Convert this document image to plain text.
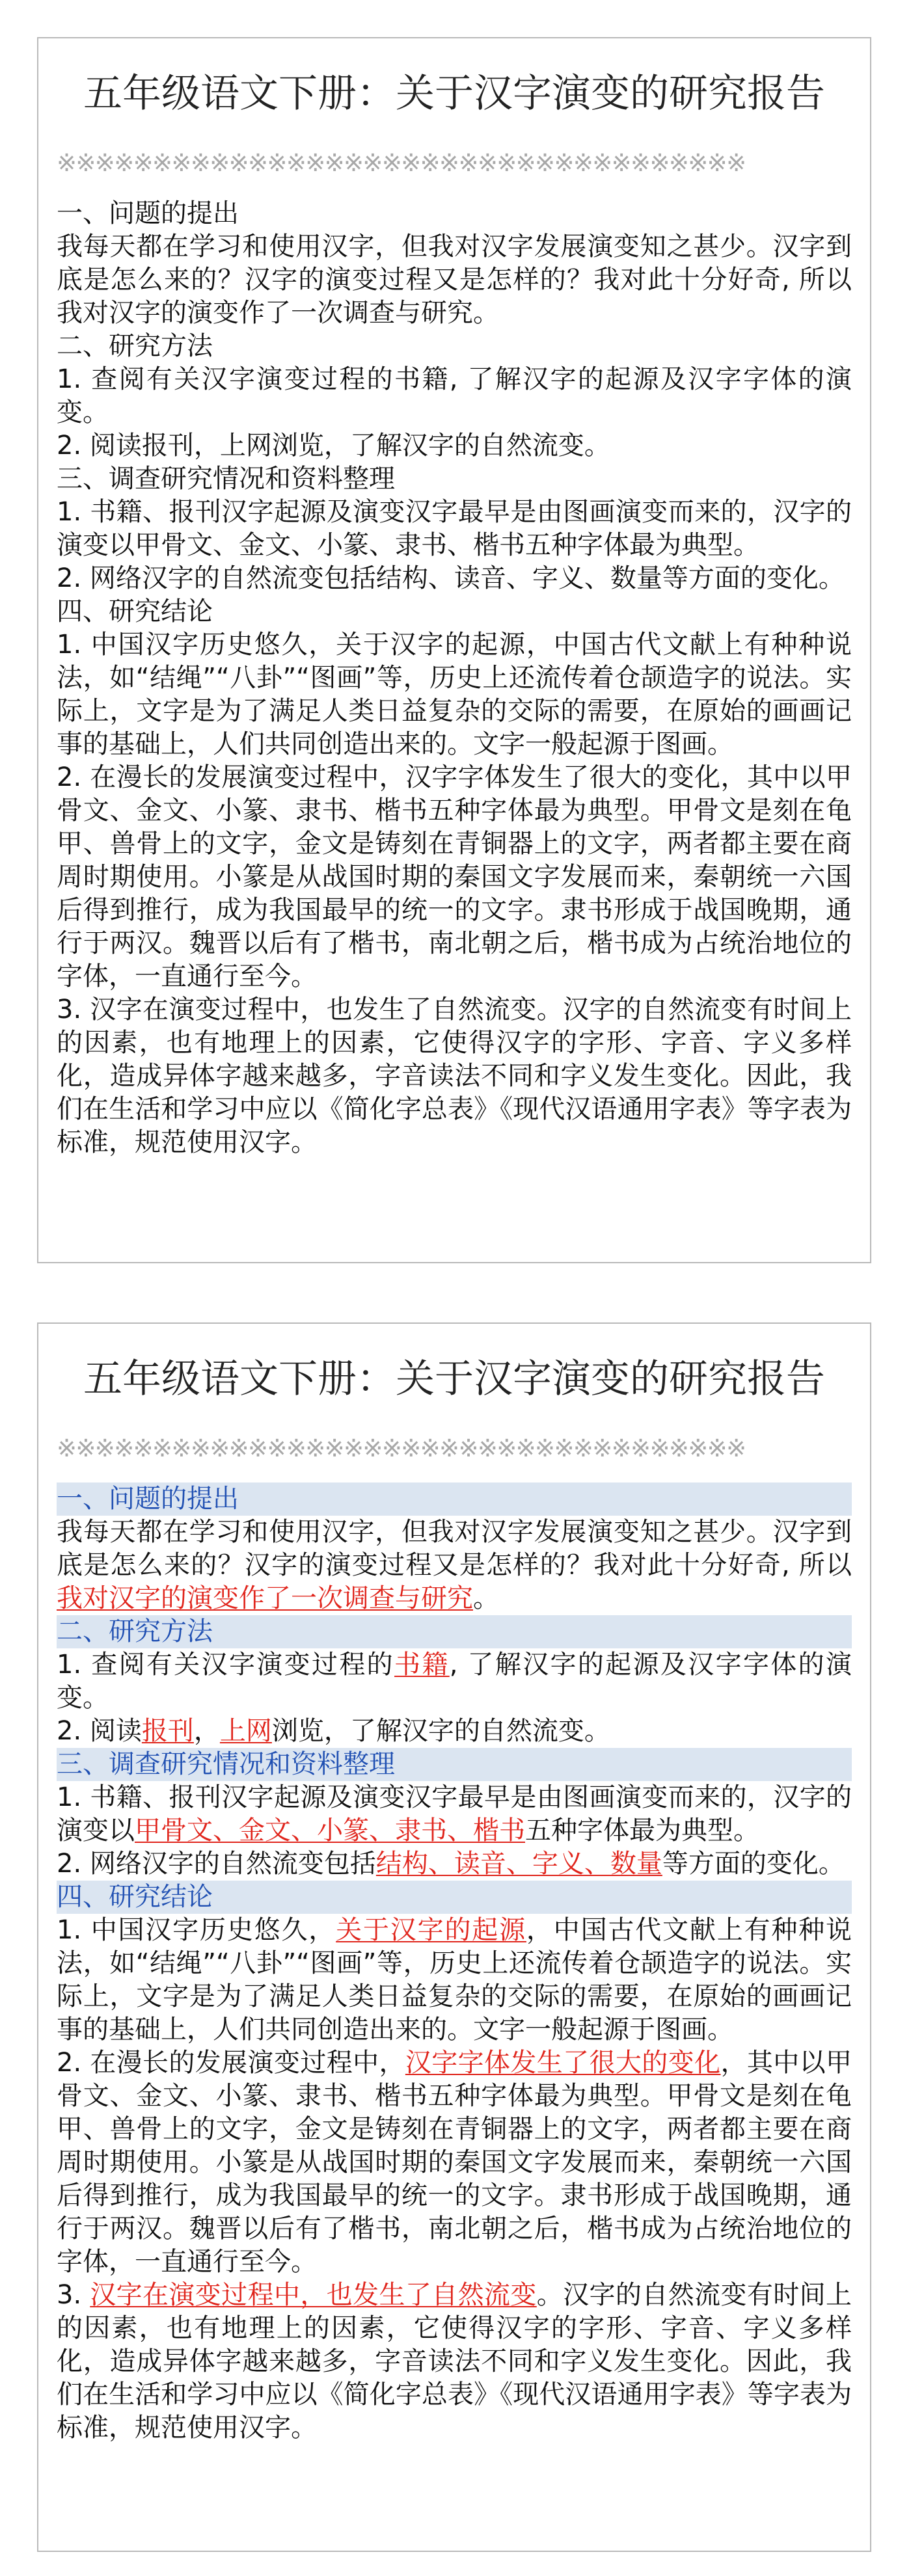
五年级语文下册：关于汉字演变的研究报告
※※※※※※※※※※※※※※※※※※※※※※※※※※※※※※※※※※※※

一、问题的提出

我每天都在学习和使用汉字，但我对汉字发展演变知之甚少。汉字到底是怎么来的？汉字的演变过程又是怎样的？我对此十分好奇, 所以我对汉字的演变作了一次调查与研究。

二、研究方法

1. 查阅有关汉字演变过程的书籍, 了解汉字的起源及汉字字体的演变。

2. 阅读报刊，上网浏览，了解汉字的自然流变。

三、调查研究情况和资料整理

1. 书籍、报刊汉字起源及演变汉字最早是由图画演变而来的，汉字的演变以甲骨文、金文、小篆、隶书、楷书五种字体最为典型。

2. 网络汉字的自然流变包括结构、读音、字义、数量等方面的变化。

四、研究结论

1. 中国汉字历史悠久，关于汉字的起源，中国古代文献上有种种说法，如“结绳”“八卦”“图画”等，历史上还流传着仓颉造字的说法。实际上，文字是为了满足人类日益复杂的交际的需要，在原始的画画记事的基础上，人们共同创造出来的。文字一般起源于图画。

2. 在漫长的发展演变过程中，汉字字体发生了很大的变化，其中以甲骨文、金文、小篆、隶书、楷书五种字体最为典型。甲骨文是刻在龟甲、兽骨上的文字，金文是铸刻在青铜器上的文字，两者都主要在商周时期使用。小篆是从战国时期的秦国文字发展而来，秦朝统一六国后得到推行，成为我国最早的统一的文字。隶书形成于战国晚期，通行于两汉。魏晋以后有了楷书，南北朝之后，楷书成为占统治地位的字体，一直通行至今。

3. 汉字在演变过程中，也发生了自然流变。汉字的自然流变有时间上的因素，也有地理上的因素，它使得汉字的字形、字音、字义多样化，造成异体字越来越多，字音读法不同和字义发生变化。因此，我们在生活和学习中应以《简化字总表》《现代汉语通用字表》等字表为标准，规范使用汉字。

五年级语文下册：关于汉字演变的研究报告
※※※※※※※※※※※※※※※※※※※※※※※※※※※※※※※※※※※※

一、问题的提出

我每天都在学习和使用汉字，但我对汉字发展演变知之甚少。汉字到底是怎么来的？汉字的演变过程又是怎样的？我对此十分好奇, 所以我对汉字的演变作了一次调查与研究。

二、研究方法

1. 查阅有关汉字演变过程的书籍, 了解汉字的起源及汉字字体的演变。

2. 阅读报刊，上网浏览，了解汉字的自然流变。

三、调查研究情况和资料整理

1. 书籍、报刊汉字起源及演变汉字最早是由图画演变而来的，汉字的演变以甲骨文、金文、小篆、隶书、楷书五种字体最为典型。

2. 网络汉字的自然流变包括结构、读音、字义、数量等方面的变化。

四、研究结论

1. 中国汉字历史悠久，关于汉字的起源，中国古代文献上有种种说法，如“结绳”“八卦”“图画”等，历史上还流传着仓颉造字的说法。实际上，文字是为了满足人类日益复杂的交际的需要，在原始的画画记事的基础上，人们共同创造出来的。文字一般起源于图画。

2. 在漫长的发展演变过程中，汉字字体发生了很大的变化，其中以甲骨文、金文、小篆、隶书、楷书五种字体最为典型。甲骨文是刻在龟甲、兽骨上的文字，金文是铸刻在青铜器上的文字，两者都主要在商周时期使用。小篆是从战国时期的秦国文字发展而来，秦朝统一六国后得到推行，成为我国最早的统一的文字。隶书形成于战国晚期，通行于两汉。魏晋以后有了楷书，南北朝之后，楷书成为占统治地位的字体，一直通行至今。

3. 汉字在演变过程中，也发生了自然流变。汉字的自然流变有时间上的因素，也有地理上的因素，它使得汉字的字形、字音、字义多样化，造成异体字越来越多，字音读法不同和字义发生变化。因此，我们在生活和学习中应以《简化字总表》《现代汉语通用字表》等字表为标准，规范使用汉字。
